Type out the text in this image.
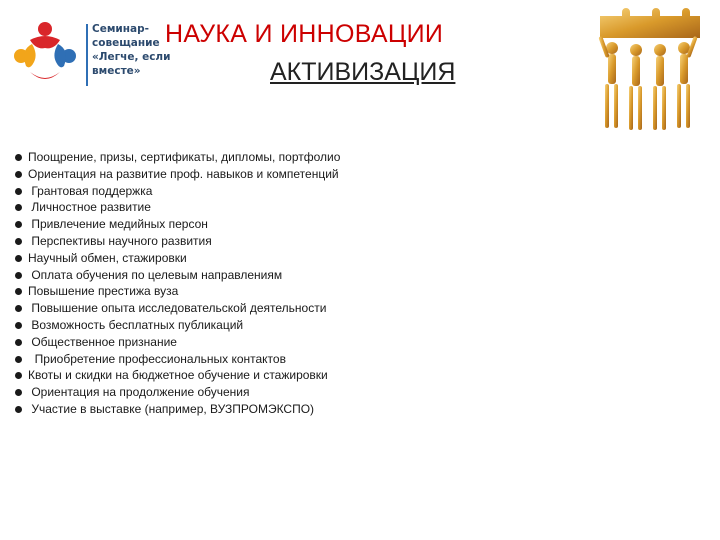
Семинар-
совещание
«Легче, если
вместе»
НАУКА И ИННОВАЦИИ
АКТИВИЗАЦИЯ
Поощрение, призы, сертификаты, дипломы, портфолио
Ориентация на развитие проф. навыков и компетенций
Грантовая поддержка
Личностное развитие
Привлечение медийных персон
Перспективы научного развития
Научный обмен, стажировки
Оплата обучения по целевым направлениям
Повышение престижа вуза
Повышение опыта исследовательской деятельности
Возможность бесплатных публикаций
Общественное признание
Приобретение профессиональных контактов
Квоты и скидки на бюджетное обучение и стажировки
Ориентация на продолжение обучения
Участие в выставке (например, ВУЗПРОМЭКСПО)
